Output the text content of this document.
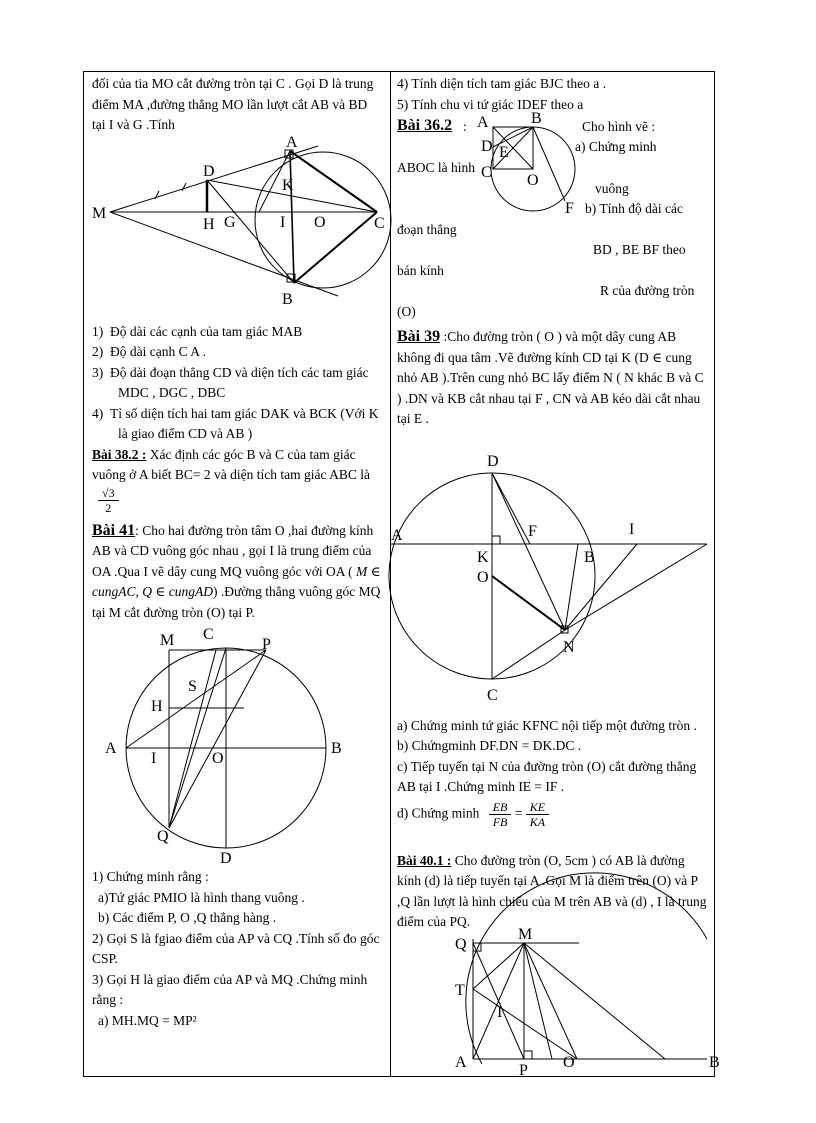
đối của tia MO cắt đường tròn tại C . Gọi D là trung điểm MA ,đường thẳng MO lần lượt cắt AB và BD tại I và G .Tính

A
D
K
M
H G	I O	C
B
1) Độ dài các cạnh của tam giác MAB
2) Độ dài cạnh C A .
3) Độ dài đoạn thẳng CD và diện tích các tam giác MDC , DGC , DBC
4) Tỉ số diện tích hai tam giác DAK và BCK (Với K là giao điểm CD và AB )

Bài 38.2 : Xác định các góc B và C của tam giác vuông ở A biết BC= 2 và diện tích tam giác ABC là
$\frac{√3}{2}$

Bài 41: Cho hai đường tròn tâm O ,hai đường kính AB và CD vuông góc nhau , gọi I là trung điểm của OA .Qua I vẽ dây cung MQ vuông góc với OA ( M ∈ cungAC, Q ∈ cungAD) .Đường thẳng vuông góc MQ tại M cắt đường tròn (O) tại P.

C
M	P
S
H
A
I	O
B
Q
D

1) Chứng minh rằng :

a)Tứ giác PMIO là hình thang vuông .

b) Các điểm P, O ,Q thẳng hàng .

2) Gọi S là fgiao điểm của AP và CQ .Tính số đo góc CSP.

3) Gọi H là giao điểm của AP và MQ .Chứng minh rằng :

a) MH.MQ = MP²

4) Tính diện tích tam giác BJC theo a .

5) Tính chu vi tứ giác IDEF theo a

Bài 36.2 :	Cho hình vẽ :
a) Chứng minh
ABOC là hình
vuông
b) Tính độ dài các
đoạn thẳng
BD , BE BF theo
bán kính
R của đường tròn
(O)
A	B
D E
C O
F

Bài 39 :Cho đường tròn ( O ) và một dây cung AB không đi qua tâm .Vẽ đường kính CD tại K (D ∈ cung nhỏ AB ).Trên cung nhỏ BC lấy điểm N ( N khác B và C ) .DN và KB cắt nhau tại F , CN và AB kéo dài cắt nhau tại E .

D
F	I
A
K	B
O
N
C

a) Chứng minh tứ giác KFNC nội tiếp một đường tròn .

b) Chứngminh DF.DN = DK.DC .

c) Tiếp tuyến tại N của đường tròn (O) cắt đường thẳng AB tại I .Chứng minh IE = IF .

d) Chứng minh $\frac{EB}{FB} = \frac{KE}{KA}$

Bài 40.1 : Cho đường tròn (O, 5cm ) có AB là đường kính (d) là tiếp tuyến tại A .Gọi M là điểm trên (O) và P ,Q lần lượt là hình chiếu của M trên AB và (d) , I là trung điểm của PQ.

Q
M
T
I
A	P O	B
